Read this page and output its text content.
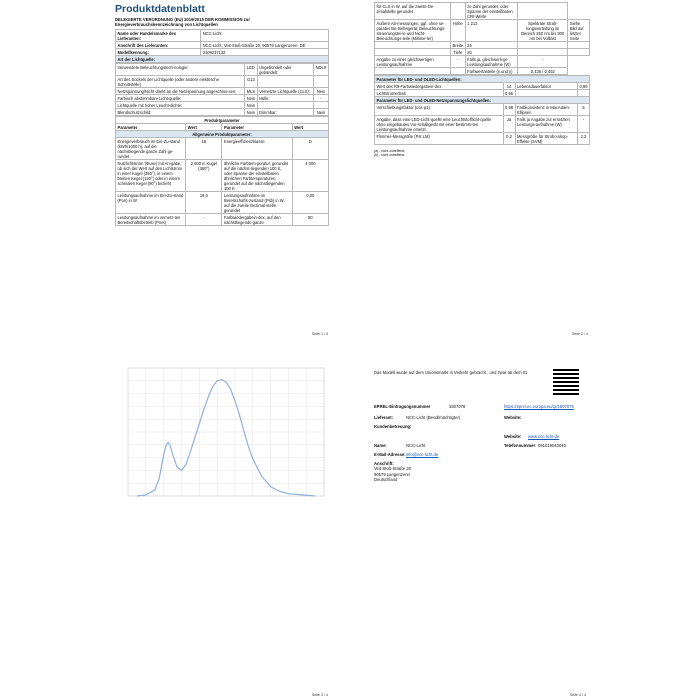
Produktdatenblatt
DELEGIERTE VERORDNUNG (EU) 2019/2015 DER KOMMISSION zur
Energieverbrauchskennzeichnung von Lichtquellen
Name oder Handelsmarke des Lieferanten:	NCC-Licht
Anschrift des Lieferanten:	NCC-Licht, Veit-Stoß-Straße 20, 90579 Langenzenn, DE
Modellkennung:	2109237132
Art der Lichtquelle:	
Verwendete Beleuchtungstech-nologie:	LED	Ungebündelt oder gebündelt:	NDLS
Art des Sockels der Lichtquelle (oder andere elektrische Schnittstelle)	G13		
Netzspannung/Nicht direkt an die Netzspannung angeschlos-sen:	MLS	Vernetzte Lichtquelle (CLS):	Nein
Farbisch abstimmbare Licht-quelle:	Nein	Hülle:	-
Lichtquelle mit hoher Leucht-dichte:	Nein		
Blendschutzschild:	Nein	Dimmbar:	Nein
Produktparameter			
Parameter	Wert	Parameter	Wert
Allgemeine Produktparameter:			
Energieverbrauch im Ein-Zu-stand (kWh/1000 h), auf die nächstliegende ganze Zahl ge-rundet	18	Energieeffizienzklasse	D
Nutzlichtstrom (Φuse) mit An-gabe, ob sich der Wert auf den Lichtstrom in einer Kugel (360°), in einem breiten Kegel (120°) oder in einem schmalen Kegel (90°) bezieht	2 600 in Kugel (360°)	ähnliche Farbtem-peratur, gerundet auf die nächst-liegenden 100 K, oder Spanne der einstellbaren ähnlichen Farbtemperaturen, gerundet auf die nächstliegenden 100 K	4 000
Leistungsaufnahme im Ein-Zu-stand (Pon) in W	18,0	Leistungsaufnahme im Bereitschafts-zustand (Psb) in W, auf die zweite Dezimal-stelle gerundet	0,00
Leistungsaufnahme im vernetz-ten Bereitschaftsbetrieb (Pnet)	-	Farbwiedergabein-dex, auf den nächstliegende ganze	80
Seite 1 / 4
für CLS in W, auf die zweite De-zimalstelle gerundet		ze Zahl gerundet, oder Spanne der einstellbaren CRI-Werte		
Äußere Ab-messungen, ggf. ohne se-parates Be-triebsgerät, Beleuchtungs-steuerungstei-le und Nicht-Beleuchtungs-teile (Millime-ter)	Höhe	1 213	Spektrale Strah-lungsverteilung im Bereich 250 nm bis 800 nm bei Volllast	Siehe Bild auf letzter Seite
	Breite	26		
	Tiefe	26		
Angabe zu einer gleichwertigen Leistungsaufnahme	-	Falls ja, gleichwerti-ge Leistungsaufnahme (W)	-	
		Farbwertanteile (x und y)	0,436 / 0,402	
Parameter für LED- und OLED-Lichtquellen:			
Wert des R9-Farbwiedergabein-dex	14	Lebensdauerfaktor	0,90
Lichtstromerhalt	0,96		
Parameter für LED- und OLED-Netzspannungslichtquellen:			
Verschiebungsfaktor (cos φ1)	0,98	Farbkonsistenz in MacAdam-Ellipsen	5
Angabe, dass eine LED-Licht-quelle eine Leuchtstofflicht-quelle ohne eingebautes Vor-schaltgerät mit einer bestimm-ten Leistungsaufnahme ersetzt.	Ja	Falls ja Angabe zur ersetzten Leistungs-aufnahme (W)	-
Flimmer-Messgröße (Pst LM)	0,2	Messgröße für Strobo-skop-Effekte (SVM)	2,2
(a) - nicht zutreffend;
(b) - nicht zutreffend.
Seite 2 / 4
Seite 3 / 4
Das Modell wurde auf dem Unionsmarkt in Verkehr gebracht , und zwar ab dem 01
EPREL-Eintragungsnummer	1807078	https://eprel.ec.europa.eu/qr/1807078
Lieferant:	NCC-Licht (Bevollmächtigter)	Website:
Kundenbetreuung:
Website:	www.ncc-licht.de
Name:	NCC-Licht	Telefonnummer: 091019040040
E-Mail-Adresse: info@ncc-licht.de
Anschrift:
Veit-Stoß-Straße 20
90579 Langenzenn
Deutschland
Seite 4 / 4
